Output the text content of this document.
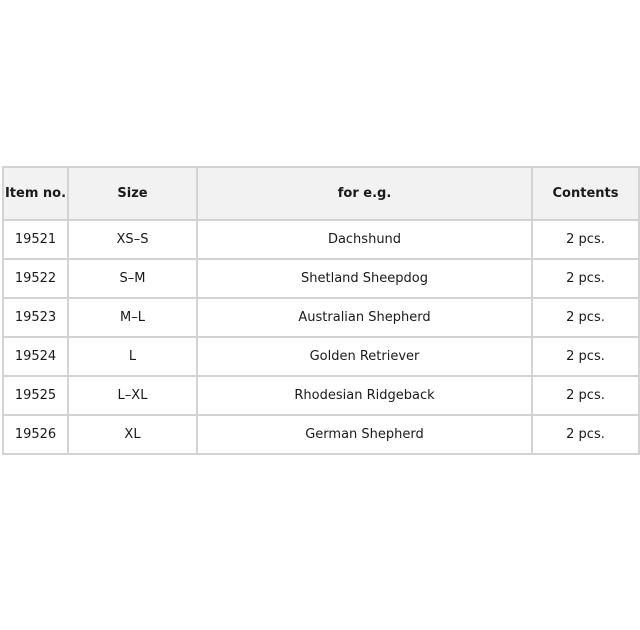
Item no.	Size	for e.g.	Contents
19521	XS–S	Dachshund	2 pcs.
19522	S–M	Shetland Sheepdog	2 pcs.
19523	M–L	Australian Shepherd	2 pcs.
19524	L	Golden Retriever	2 pcs.
19525	L–XL	Rhodesian Ridgeback	2 pcs.
19526	XL	German Shepherd	2 pcs.
